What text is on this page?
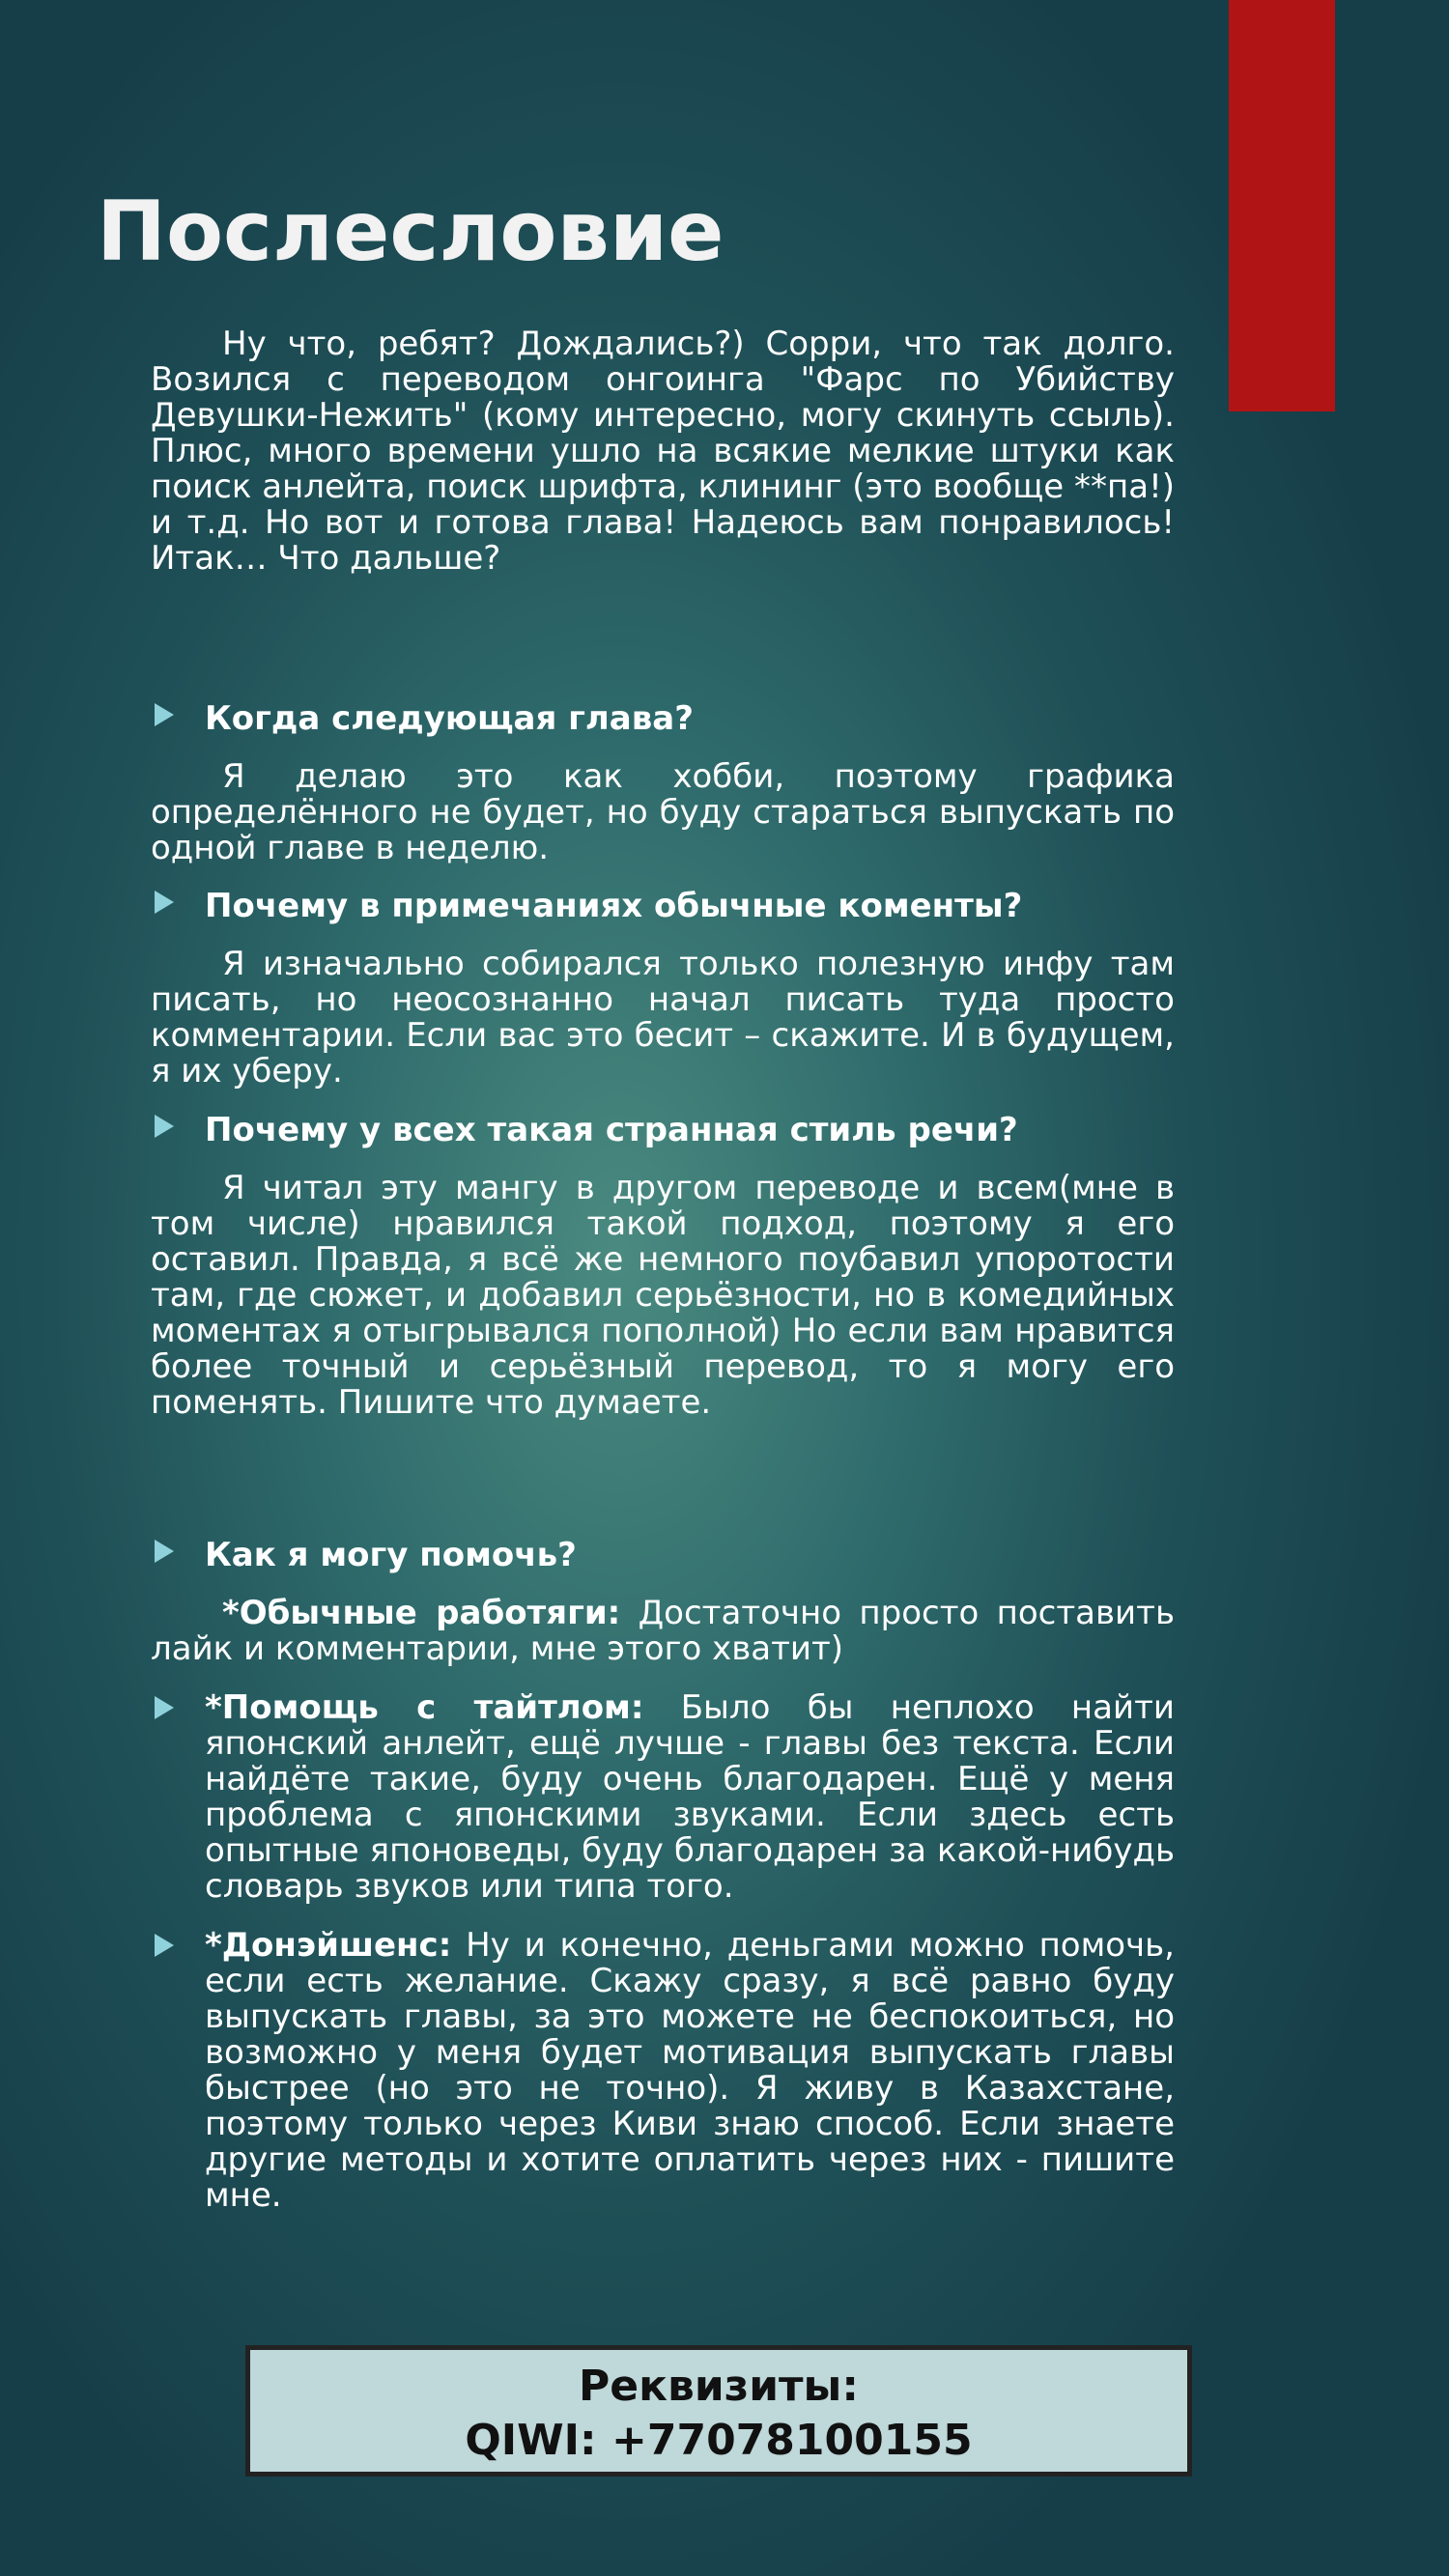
Послесловие

Ну что, ребят? Дождались?) Сорри, что так долго. Возился с переводом онгоинга "Фарс по Убийству Девушки-Нежить" (кому интересно, могу скинуть ссыль). Плюс, много времени ушло на всякие мелкие штуки как поиск анлейта, поиск шрифта, клининг (это вообще **па!) и т.д. Но вот и готова глава! Надеюсь вам понравилось! Итак… Что дальше?

Когда следующая глава?

Я делаю это как хобби, поэтому графика определённого не будет, но буду стараться выпускать по одной главе в неделю.

Почему в примечаниях обычные коменты?

Я изначально собирался только полезную инфу там писать, но неосознанно начал писать туда просто комментарии. Если вас это бесит – скажите. И в будущем, я их уберу.

Почему у всех такая странная стиль речи?

Я читал эту мангу в другом переводе и всем(мне в том числе) нравился такой подход, поэтому я его оставил. Правда, я всё же немного поубавил упоротости там, где сюжет, и добавил серьёзности, но в комедийных моментах я отыгрывался пополной) Но если вам нравится более точный и серьёзный перевод, то я могу его поменять. Пишите что думаете.

Как я могу помочь?

*Обычные работяги: Достаточно просто поставить лайк и комментарии, мне этого хватит)

*Помощь с тайтлом: Было бы неплохо найти японский анлейт, ещё лучше - главы без текста. Если найдёте такие, буду очень благодарен. Ещё у меня проблема с японскими звуками. Если здесь есть опытные японоведы, буду благодарен за какой-нибудь словарь звуков или типа того.
*Донэйшенс: Ну и конечно, деньгами можно помочь, если есть желание. Скажу сразу, я всё равно буду выпускать главы, за это можете не беспокоиться, но возможно у меня будет мотивация выпускать главы быстрее (но это не точно). Я живу в Казахстане, поэтому только через Киви знаю способ. Если знаете другие методы и хотите оплатить через них - пишите мне.
Реквизиты:
QIWI: +77078100155
